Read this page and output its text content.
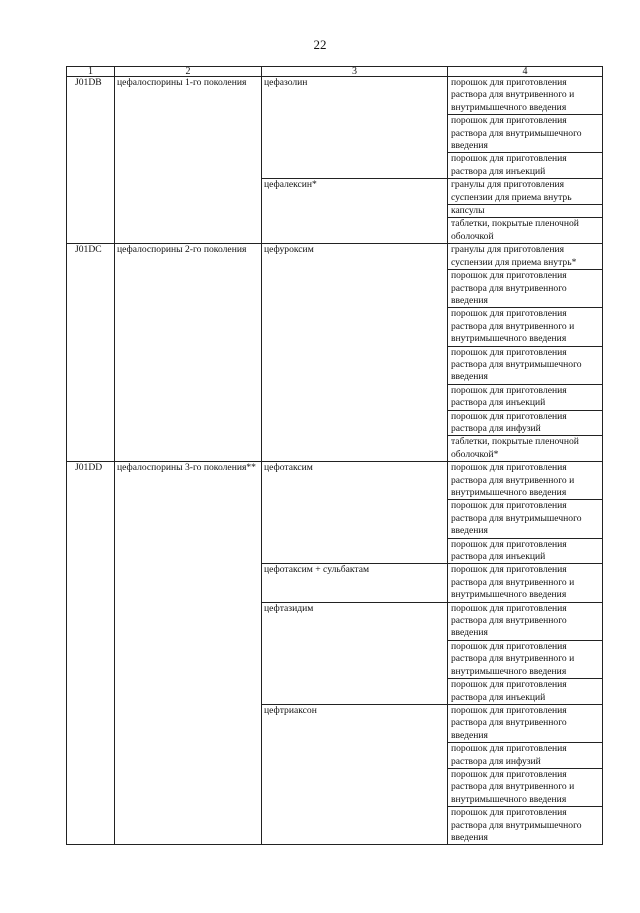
22
1	2	3	4
J01DB	цефалоспорины 1-го поколения	цефазолин	порошок для приготовления раствора для внутривенного и внутримышечного введения
			порошок для приготовления раствора для внутримышечного введения
			порошок для приготовления раствора для инъекций
		цефалексин*	гранулы для приготовления суспензии для приема внутрь
			капсулы
			таблетки, покрытые пленочной оболочкой
J01DC	цефалоспорины 2-го поколения	цефуроксим	гранулы для приготовления суспензии для приема внутрь*
			порошок для приготовления раствора для внутривенного введения
			порошок для приготовления раствора для внутривенного и внутримышечного введения
			порошок для приготовления раствора для внутримышечного введения
			порошок для приготовления раствора для инъекций
			порошок для приготовления раствора для инфузий
			таблетки, покрытые пленочной оболочкой*
J01DD	цефалоспорины 3-го поколения**	цефотаксим	порошок для приготовления раствора для внутривенного и внутримышечного введения
			порошок для приготовления раствора для внутримышечного введения
			порошок для приготовления раствора для инъекций
		цефотаксим + сульбактам	порошок для приготовления раствора для внутривенного и внутримышечного введения
		цефтазидим	порошок для приготовления раствора для внутривенного введения
			порошок для приготовления раствора для внутривенного и внутримышечного введения
			порошок для приготовления раствора для инъекций
		цефтриаксон	порошок для приготовления раствора для внутривенного введения
			порошок для приготовления раствора для инфузий
			порошок для приготовления раствора для внутривенного и внутримышечного введения
			порошок для приготовления раствора для внутримышечного введения
